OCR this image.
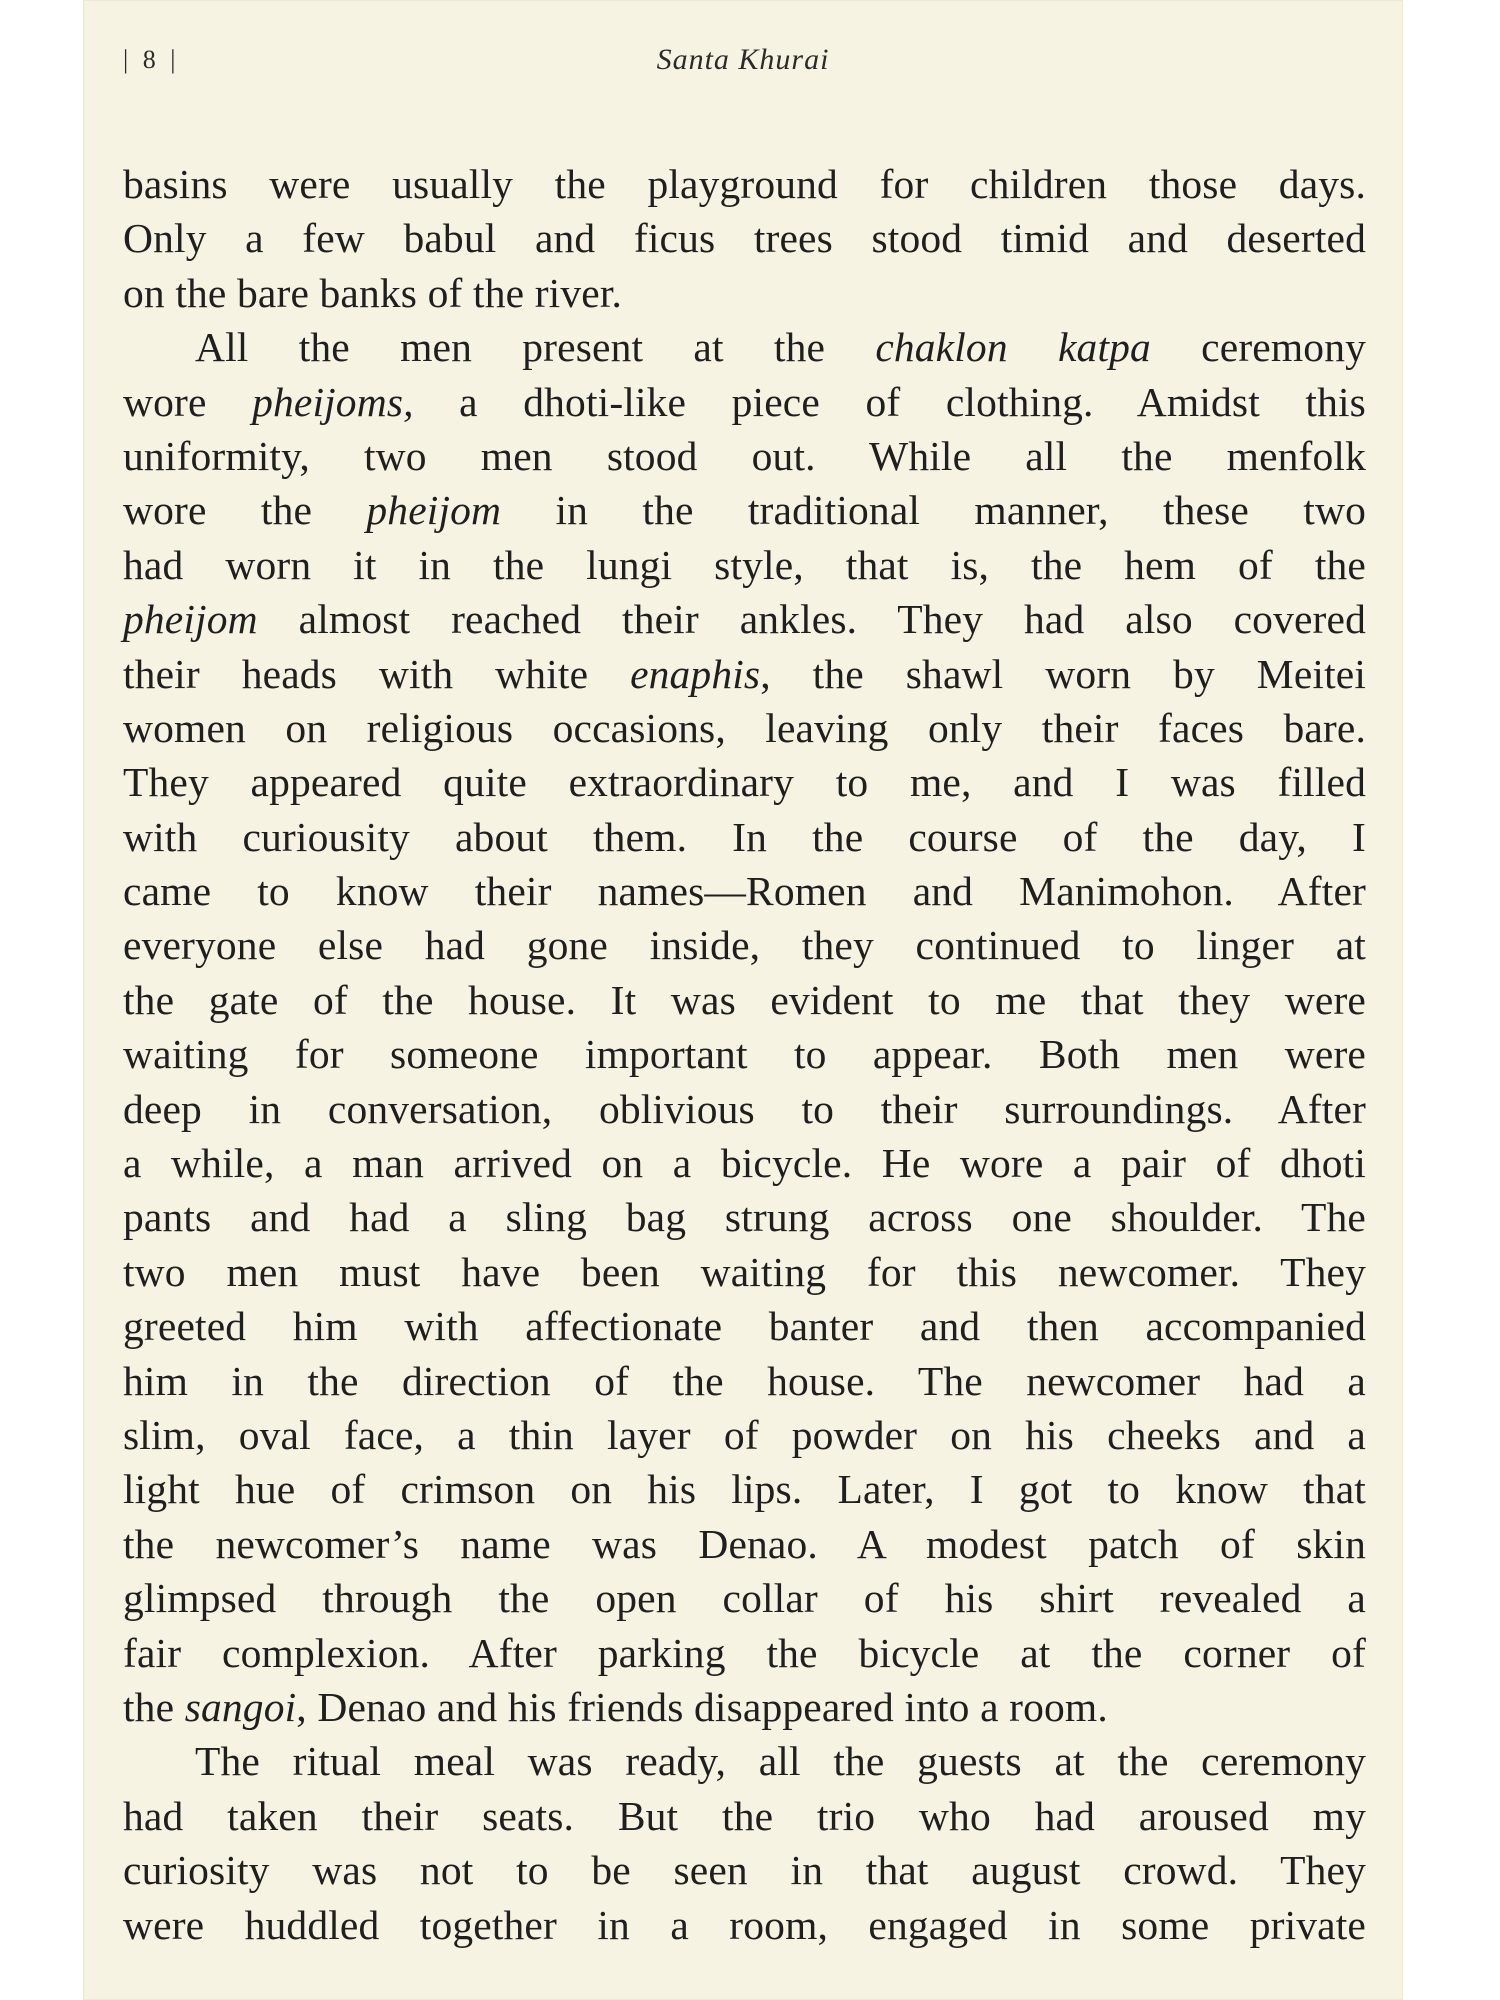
| 8 |	Santa Khurai
basins were usually the playground for children those days.
Only a few babul and ficus trees stood timid and deserted
on the bare banks of the river.
All the men present at the chaklon katpa ceremony
wore pheijoms, a dhoti-like piece of clothing. Amidst this
uniformity, two men stood out. While all the menfolk
wore the pheijom in the traditional manner, these two
had worn it in the lungi style, that is, the hem of the
pheijom almost reached their ankles. They had also covered
their heads with white enaphis, the shawl worn by Meitei
women on religious occasions, leaving only their faces bare.
They appeared quite extraordinary to me, and I was filled
with curiousity about them. In the course of the day, I
came to know their names—Romen and Manimohon. After
everyone else had gone inside, they continued to linger at
the gate of the house. It was evident to me that they were
waiting for someone important to appear. Both men were
deep in conversation, oblivious to their surroundings. After
a while, a man arrived on a bicycle. He wore a pair of dhoti
pants and had a sling bag strung across one shoulder. The
two men must have been waiting for this newcomer. They
greeted him with affectionate banter and then accompanied
him in the direction of the house. The newcomer had a
slim, oval face, a thin layer of powder on his cheeks and a
light hue of crimson on his lips. Later, I got to know that
the newcomer’s name was Denao. A modest patch of skin
glimpsed through the open collar of his shirt revealed a
fair complexion. After parking the bicycle at the corner of
the sangoi, Denao and his friends disappeared into a room.
The ritual meal was ready, all the guests at the ceremony
had taken their seats. But the trio who had aroused my
curiosity was not to be seen in that august crowd. They
were huddled together in a room, engaged in some private
